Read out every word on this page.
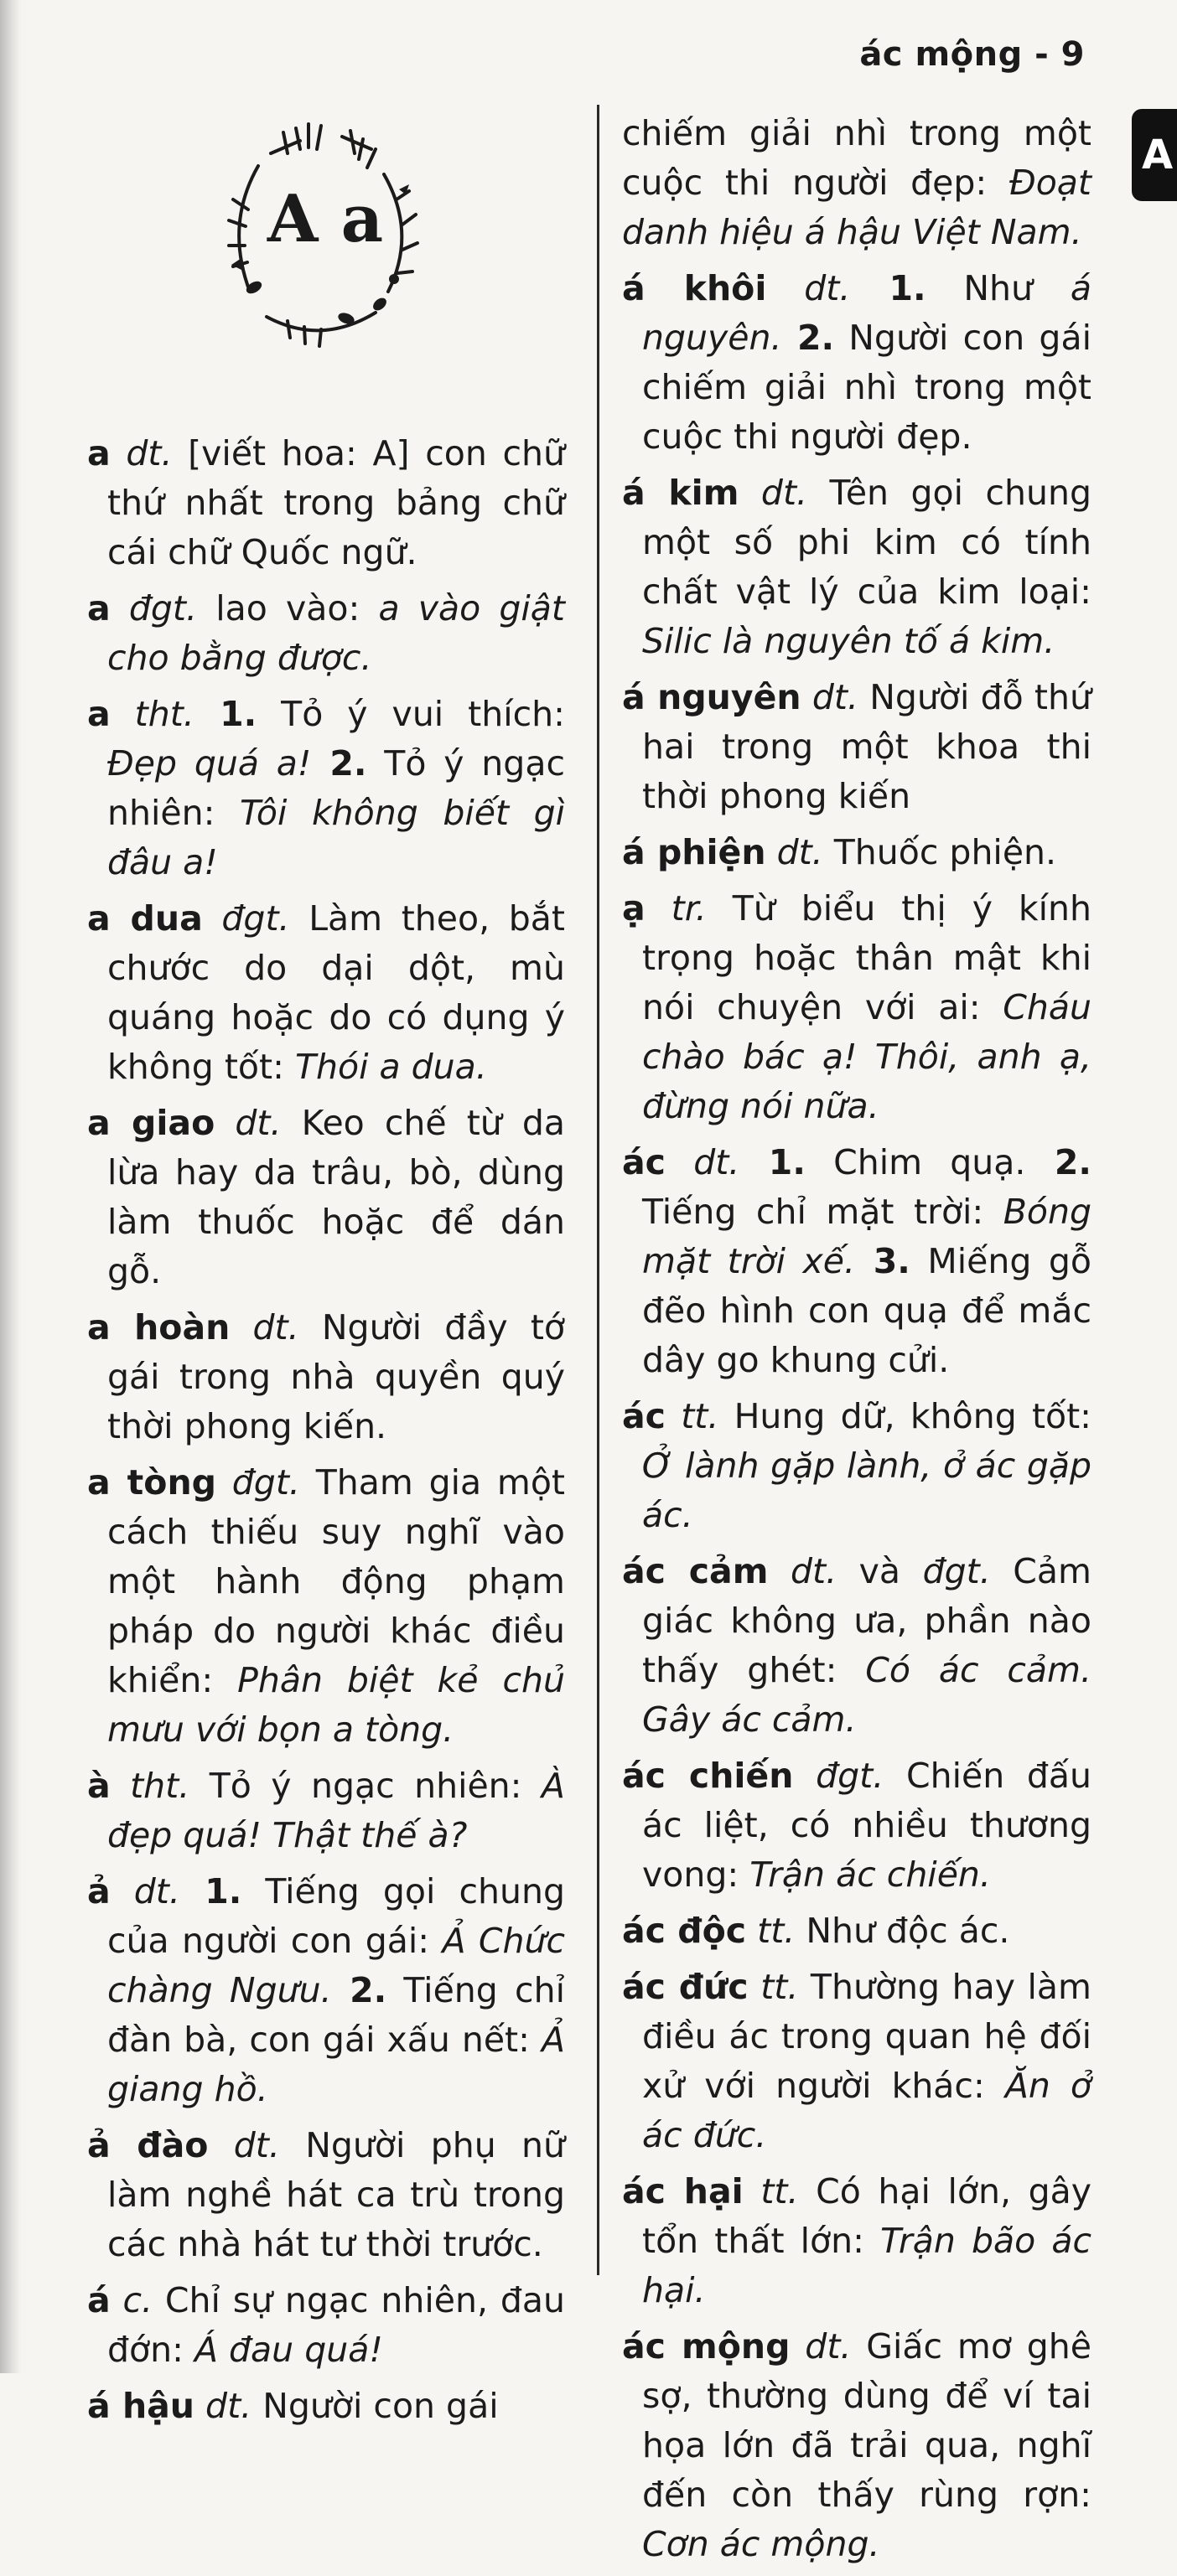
ác mộng - 9
A
A a

a dt. [viết hoa: A] con chữ thứ nhất trong bảng chữ cái chữ Quốc ngữ.

a đgt. lao vào: a vào giật cho bằng được.

a tht. 1. Tỏ ý vui thích: Đẹp quá a! 2. Tỏ ý ngạc nhiên: Tôi không biết gì đâu a!

a dua đgt. Làm theo, bắt chước do dại dột, mù quáng hoặc do có dụng ý không tốt: Thói a dua.

a giao dt. Keo chế từ da lừa hay da trâu, bò, dùng làm thuốc hoặc để dán gỗ.

a hoàn dt. Người đầy tớ gái trong nhà quyền quý thời phong kiến.

a tòng đgt. Tham gia một cách thiếu suy nghĩ vào một hành động phạm pháp do người khác điều khiển: Phân biệt kẻ chủ mưu với bọn a tòng.

à tht. Tỏ ý ngạc nhiên: À đẹp quá! Thật thế à?

ả dt. 1. Tiếng gọi chung của người con gái: Ả Chức chàng Ngưu. 2. Tiếng chỉ đàn bà, con gái xấu nết: Ả giang hồ.

ả đào dt. Người phụ nữ làm nghề hát ca trù trong các nhà hát tư thời trước.

á c. Chỉ sự ngạc nhiên, đau đớn: Á đau quá!

á hậu dt. Người con gái

chiếm giải nhì trong một cuộc thi người đẹp: Đoạt danh hiệu á hậu Việt Nam.

á khôi dt. 1. Như á nguyên. 2. Người con gái chiếm giải nhì trong một cuộc thi người đẹp.

á kim dt. Tên gọi chung một số phi kim có tính chất vật lý của kim loại: Silic là nguyên tố á kim.

á nguyên dt. Người đỗ thứ hai trong một khoa thi thời phong kiến

á phiện dt. Thuốc phiện.

ạ tr. Từ biểu thị ý kính trọng hoặc thân mật khi nói chuyện với ai: Cháu chào bác ạ! Thôi, anh ạ, đừng nói nữa.

ác dt. 1. Chim quạ. 2. Tiếng chỉ mặt trời: Bóng mặt trời xế. 3. Miếng gỗ đẽo hình con quạ để mắc dây go khung cửi.

ác tt. Hung dữ, không tốt: Ở lành gặp lành, ở ác gặp ác.

ác cảm dt. và đgt. Cảm giác không ưa, phần nào thấy ghét: Có ác cảm. Gây ác cảm.

ác chiến đgt. Chiến đấu ác liệt, có nhiều thương vong: Trận ác chiến.

ác độc tt. Như độc ác.

ác đức tt. Thường hay làm điều ác trong quan hệ đối xử với người khác: Ăn ở ác đức.

ác hại tt. Có hại lớn, gây tổn thất lớn: Trận bão ác hại.

ác mộng dt. Giấc mơ ghê sợ, thường dùng để ví tai họa lớn đã trải qua, nghĩ đến còn thấy rùng rợn: Cơn ác mộng.
